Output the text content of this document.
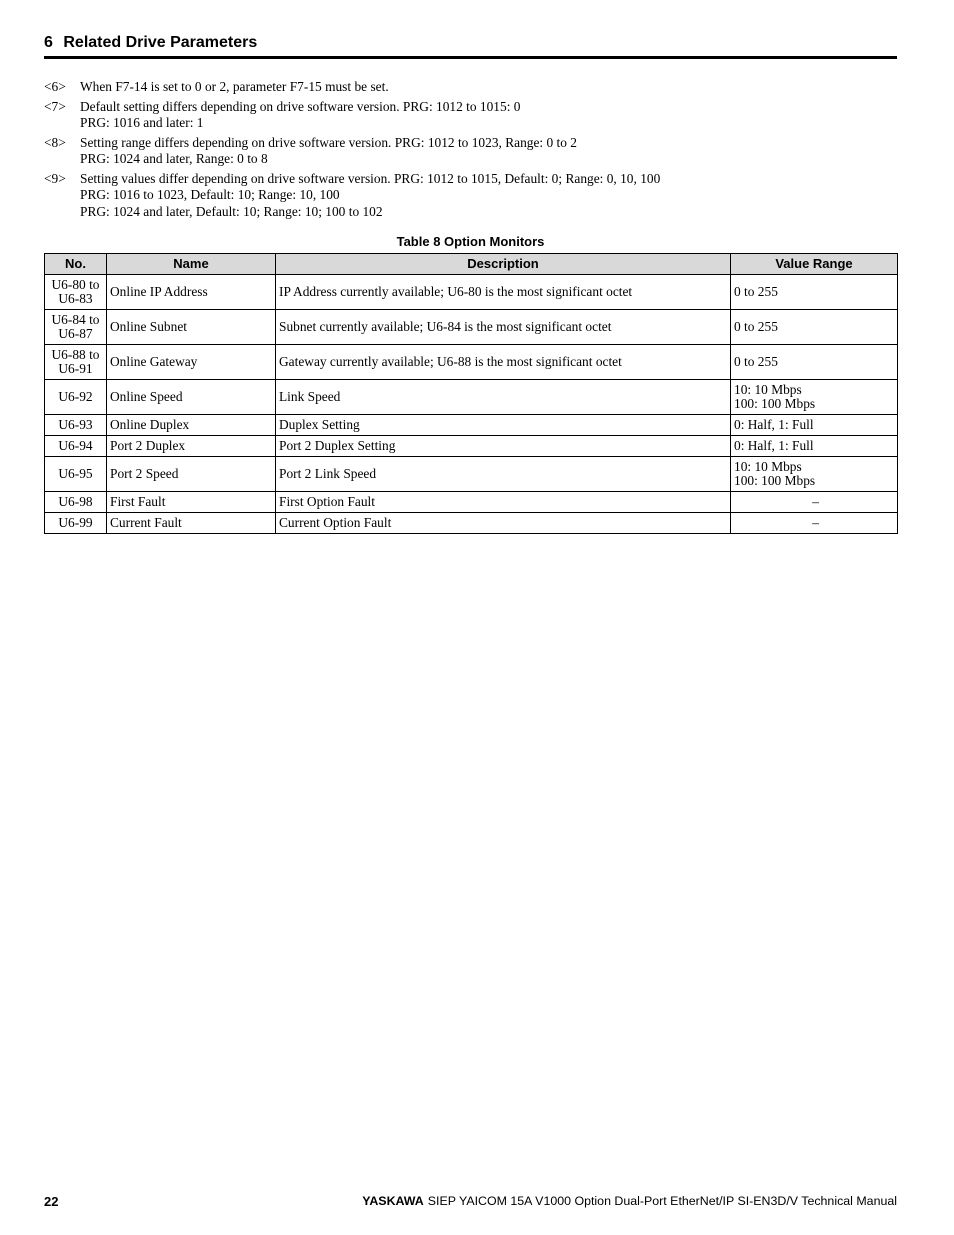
6 Related Drive Parameters
<6>	When F7-14 is set to 0 or 2, parameter F7-15 must be set.
<7>	Default setting differs depending on drive software version. PRG: 1012 to 1015: 0
PRG: 1016 and later: 1
<8>	Setting range differs depending on drive software version. PRG: 1012 to 1023, Range: 0 to 2
PRG: 1024 and later, Range: 0 to 8
<9>	Setting values differ depending on drive software version. PRG: 1012 to 1015, Default: 0; Range: 0, 10, 100
PRG: 1016 to 1023, Default: 10; Range: 10, 100
PRG: 1024 and later, Default: 10; Range: 10; 100 to 102
Table 8 Option Monitors
No.	Name	Description	Value Range

U6-80 to
U6-83	Online IP Address	IP Address currently available; U6-80 is the most significant octet	0 to 255

U6-84 to
U6-87	Online Subnet	Subnet currently available; U6-84 is the most significant octet	0 to 255

U6-88 to
U6-91	Online Gateway	Gateway currently available; U6-88 is the most significant octet	0 to 255

U6-92	Online Speed	Link Speed	10: 10 Mbps
100: 100 Mbps

U6-93	Online Duplex	Duplex Setting	0: Half, 1: Full

U6-94	Port 2 Duplex	Port 2 Duplex Setting	0: Half, 1: Full

U6-95	Port 2 Speed	Port 2 Link Speed	10: 10 Mbps
100: 100 Mbps

U6-98	First Fault	First Option Fault	–

U6-99	Current Fault	Current Option Fault	–
22	YASKAWA SIEP YAICOM 15A V1000 Option Dual-Port EtherNet/IP SI-EN3D/V Technical Manual
